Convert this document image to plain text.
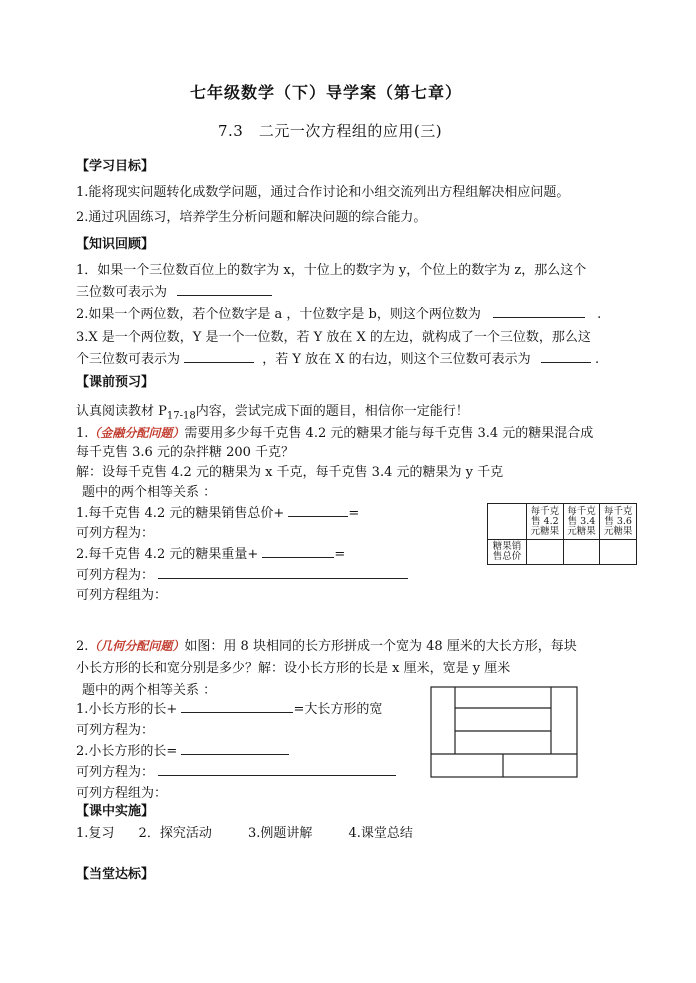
七年级数学（下）导学案（第七章）
7.3　二元一次方程组的应用(三)
【学习目标】
1.能将现实问题转化成数学问题，通过合作讨论和小组交流列出方程组解决相应问题。
2.通过巩固练习，培养学生分析问题和解决问题的综合能力。
【知识回顾】
1．如果一个三位数百位上的数字为 x，十位上的数字为 y，个位上的数字为 z，那么这个
三位数可表示为
2.如果一个两位数，若个位数字是 a ，十位数字是 b，则这个两位数为	.
3.X 是一个两位数，Y 是一个一位数，若 Y 放在 X 的左边，就构成了一个三位数，那么这
个三位数可表示为	，若 Y 放在 X 的右边，则这个三位数可表示为	.
【课前预习】
认真阅读教材 $P_{17-18}$内容，尝试完成下面的题目，相信你一定能行！
1.（金融分配问题）需要用多少每千克售 4.2 元的糖果才能与每千克售 3.4 元的糖果混合成
每千克售 3.6 元的杂拌糖 200 千克？
解：设每千克售 4.2 元的糖果为 x 千克，每千克售 3.4 元的糖果为 y 千克
题中的两个相等关系 ：
1.每千克售 4.2 元的糖果销售总价+	=
可列方程为：
2.每千克售 4.2 元的糖果重量+	=
可列方程为：
可列方程组为：
	每千克售 4.2 元糖果	每千克售 3.4 元糖果	每千克售 3.6 元糖果
糖果销售总价			
2.（几何分配问题）如图：用 8 块相同的长方形拼成一个宽为 48 厘米的大长方形，每块
小长方形的长和宽分别是多少？解：设小长方形的长是 x 厘米，宽是 y 厘米
题中的两个相等关系 ：
1.小长方形的长+	=大长方形的宽
可列方程为：
2.小长方形的长=
可列方程为：
可列方程组为：
【课中实施】
1.复习 2．探究活动	3.例题讲解	4.课堂总结
【当堂达标】
